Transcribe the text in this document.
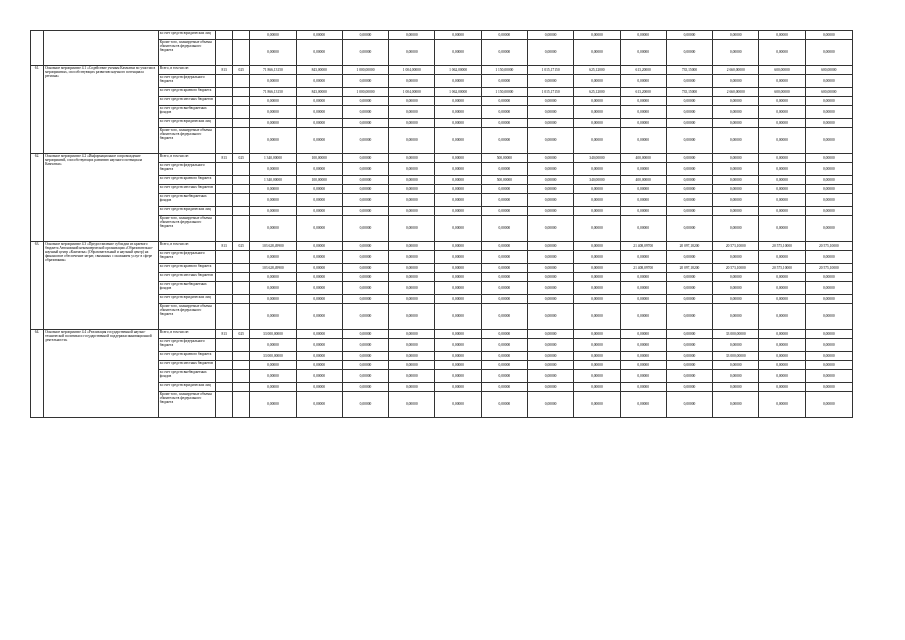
		за счет средств юридических лиц			0,00000	0,00000	0,00000	0,00000	0,00000	0,00000	0,00000	0,00000	0,00000	0,00000	0,00000	0,00000	0,00000
		Кроме того, планируемые объемы обязательств федерального бюджета			0,00000	0,00000	0,00000	0,00000	0,00000	0,00000	0,00000	0,00000	0,00000	0,00000	0,00000	0,00000	0,00000
61.	Основное мероприятие 4.1 «Содействие ученым Камчатки во участии в мероприятиях, способствующих развитию научного потенциала региона»	Всего, в том числе:	813	025	71 866,13150	843,00000	1 000,00000	1 004,00000	1 062,00000	1 150,00000	1 015,17150	625,12000	613,20000	735,15000	2 660,00000	600,00000	600,00000
		за счет средств федерального бюджета			0,00000	0,00000	0,00000	0,00000	0,00000	0,00000	0,00000	0,00000	0,00000	0,00000	0,00000	0,00000	0,00000
		за счет средств краевого бюджета			71 866,13150	843,00000	1 000,00000	1 004,00000	1 062,00000	1 150,00000	1 015,17150	625,12000	613,20000	735,15000	2 660,00000	600,00000	600,00000
		за счет средств местных бюджетов			0,00000	0,00000	0,00000	0,00000	0,00000	0,00000	0,00000	0,00000	0,00000	0,00000	0,00000	0,00000	0,00000
		за счет средств внебюджетных фондов			0,00000	0,00000	0,00000	0,00000	0,00000	0,00000	0,00000	0,00000	0,00000	0,00000	0,00000	0,00000	0,00000
		за счет средств юридических лиц			0,00000	0,00000	0,00000	0,00000	0,00000	0,00000	0,00000	0,00000	0,00000	0,00000	0,00000	0,00000	0,00000
		Кроме того, планируемые объемы обязательств федерального бюджета			0,00000	0,00000	0,00000	0,00000	0,00000	0,00000	0,00000	0,00000	0,00000	0,00000	0,00000	0,00000	0,00000
62.	Основное мероприятие 4.2 «Информационное сопровождение мероприятий, способствующих развитию научного потенциала Камчатки»	Всего, в том числе:	813	025	1 340,00000	100,00000	0,00000	0,00000	0,00000	500,00000	0,00000	340,00000	400,00000	0,00000	0,00000	0,00000	0,00000
		за счет средств федерального бюджета			0,00000	0,00000	0,00000	0,00000	0,00000	0,00000	0,00000	0,00000	0,00000	0,00000	0,00000	0,00000	0,00000
		за счет средств краевого бюджета			1 340,00000	100,00000	0,00000	0,00000	0,00000	500,00000	0,00000	340,00000	400,00000	0,00000	0,00000	0,00000	0,00000
		за счет средств местных бюджетов			0,00000	0,00000	0,00000	0,00000	0,00000	0,00000	0,00000	0,00000	0,00000	0,00000	0,00000	0,00000	0,00000
		за счет средств внебюджетных фондов			0,00000	0,00000	0,00000	0,00000	0,00000	0,00000	0,00000	0,00000	0,00000	0,00000	0,00000	0,00000	0,00000
		за счет средств юридических лиц			0,00000	0,00000	0,00000	0,00000	0,00000	0,00000	0,00000	0,00000	0,00000	0,00000	0,00000	0,00000	0,00000
		Кроме того, планируемые объемы обязательств федерального бюджета			0,00000	0,00000	0,00000	0,00000	0,00000	0,00000	0,00000	0,00000	0,00000	0,00000	0,00000	0,00000	0,00000
63.	Основное мероприятие 4.3 «Предоставление субсидии из краевого бюджета Автономной некоммерческой организации «Образовательно-научный центр «Камчатка» (Образовательный и научный центр) на финансовое обеспечение затрат, связанных с оказанием услуг в сфере образования»	Всего, в том числе:	813	025	103 628,49900	0,00000	0,00000	0,00000	0,00000	0,00000	0,00000	0,00000	21 408,09700	20 097,18200	20 573,10000	20 575,10000	20 575,10000
		за счет средств федерального бюджета			0,00000	0,00000	0,00000	0,00000	0,00000	0,00000	0,00000	0,00000	0,00000	0,00000	0,00000	0,00000	0,00000
		за счет средств краевого бюджета			103 628,49900	0,00000	0,00000	0,00000	0,00000	0,00000	0,00000	0,00000	21 408,09700	20 097,18200	20 573,10000	20 575,10000	20 575,10000
		за счет средств местных бюджетов			0,00000	0,00000	0,00000	0,00000	0,00000	0,00000	0,00000	0,00000	0,00000	0,00000	0,00000	0,00000	0,00000
		за счет средств внебюджетных фондов			0,00000	0,00000	0,00000	0,00000	0,00000	0,00000	0,00000	0,00000	0,00000	0,00000	0,00000	0,00000	0,00000
		за счет средств юридических лиц			0,00000	0,00000	0,00000	0,00000	0,00000	0,00000	0,00000	0,00000	0,00000	0,00000	0,00000	0,00000	0,00000
		Кроме того, планируемые объемы обязательств федерального бюджета			0,00000	0,00000	0,00000	0,00000	0,00000	0,00000	0,00000	0,00000	0,00000	0,00000	0,00000	0,00000	0,00000
64.	Основное мероприятие 4.4 «Реализация государственной научно-технической политики и государственной поддержки инновационной деятельности»	Всего, в том числе:	813	025	33 000,00000	0,00000	0,00000	0,00000	0,00000	0,00000	0,00000	0,00000	0,00000	0,00000	33 000,00000	0,00000	0,00000
		за счет средств федерального бюджета			0,00000	0,00000	0,00000	0,00000	0,00000	0,00000	0,00000	0,00000	0,00000	0,00000	0,00000	0,00000	0,00000
		за счет средств краевого бюджета			33 000,00000	0,00000	0,00000	0,00000	0,00000	0,00000	0,00000	0,00000	0,00000	0,00000	33 000,00000	0,00000	0,00000
		за счет средств местных бюджетов			0,00000	0,00000	0,00000	0,00000	0,00000	0,00000	0,00000	0,00000	0,00000	0,00000	0,00000	0,00000	0,00000
		за счет средств внебюджетных фондов			0,00000	0,00000	0,00000	0,00000	0,00000	0,00000	0,00000	0,00000	0,00000	0,00000	0,00000	0,00000	0,00000
		за счет средств юридических лиц			0,00000	0,00000	0,00000	0,00000	0,00000	0,00000	0,00000	0,00000	0,00000	0,00000	0,00000	0,00000	0,00000
		Кроме того, планируемые объемы обязательств федерального бюджета			0,00000	0,00000	0,00000	0,00000	0,00000	0,00000	0,00000	0,00000	0,00000	0,00000	0,00000	0,00000	0,00000
